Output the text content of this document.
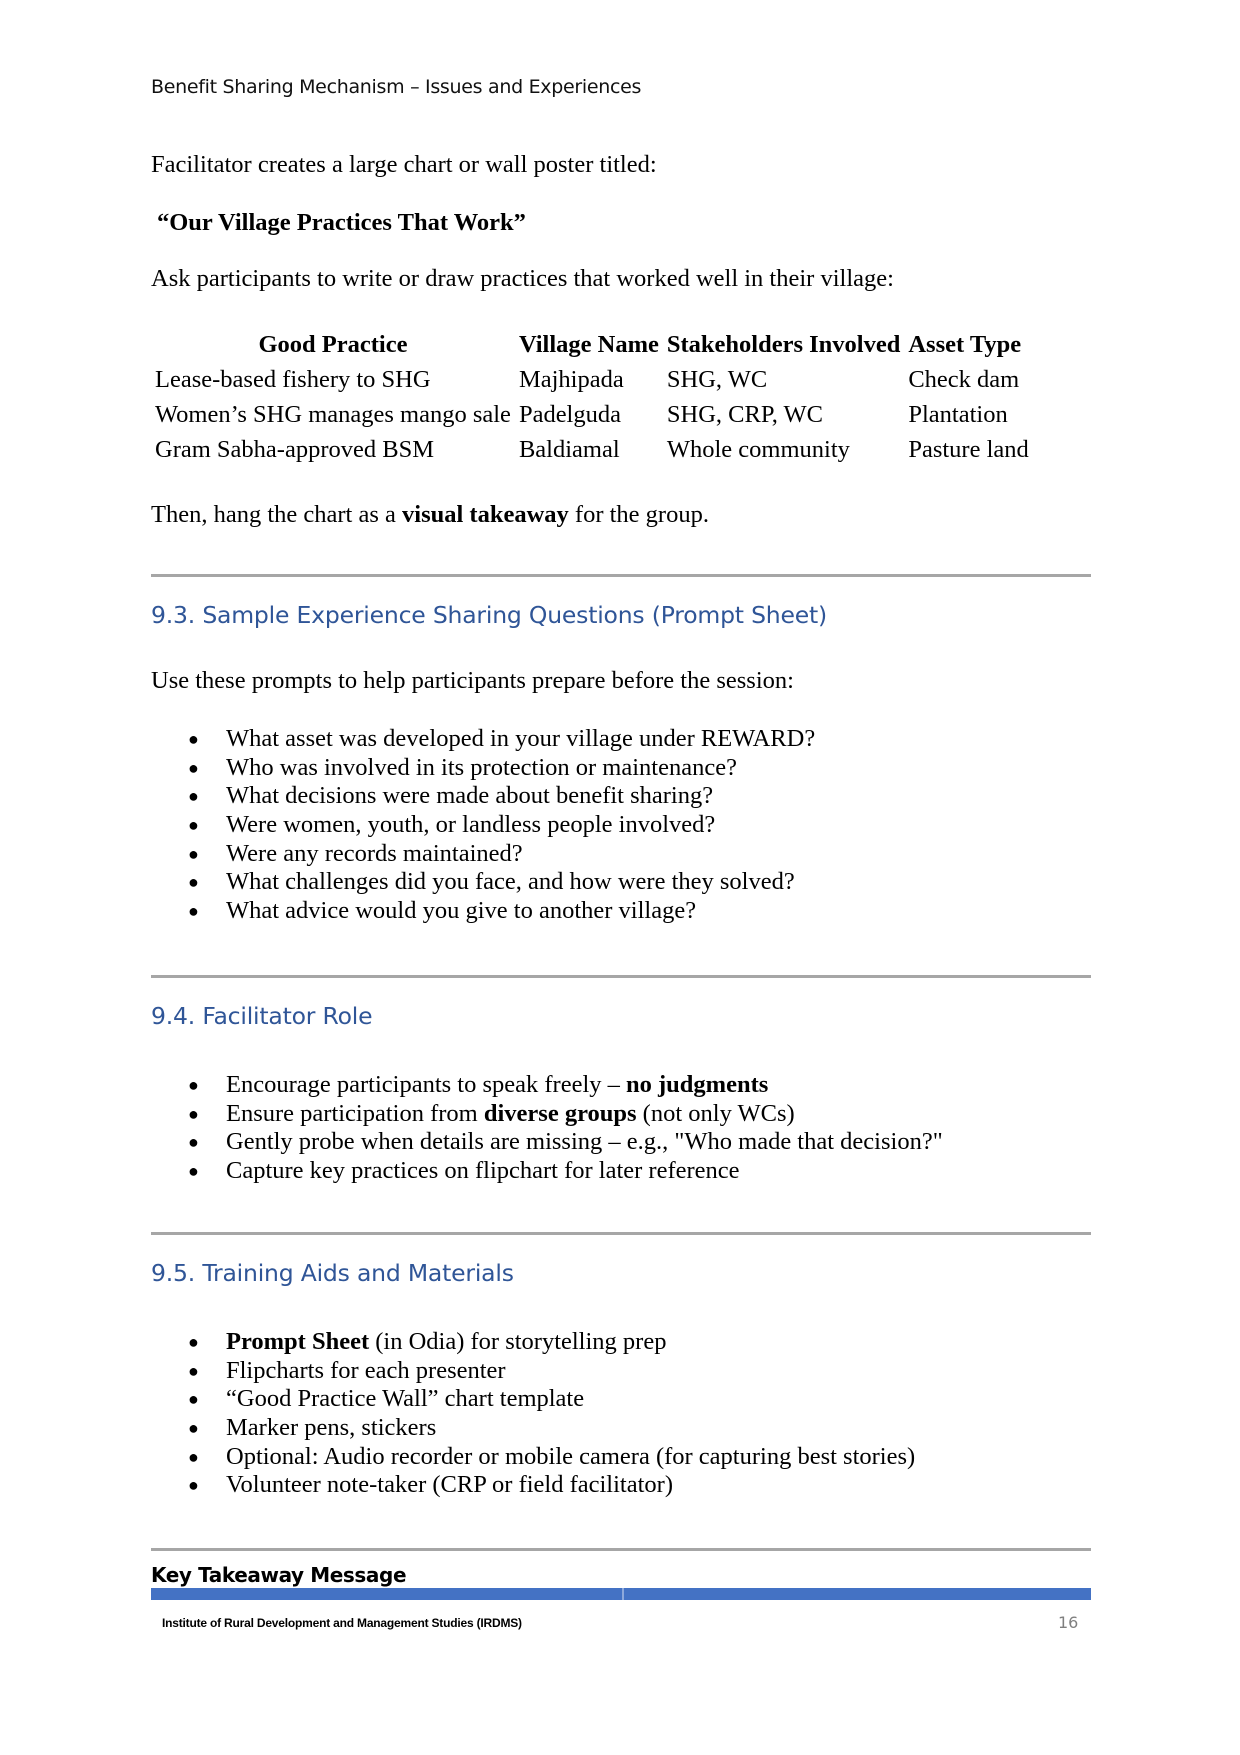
Benefit Sharing Mechanism – Issues and Experiences
Facilitator creates a large chart or wall poster titled:
“Our Village Practices That Work”
Ask participants to write or draw practices that worked well in their village:
Good Practice	Village Name	Stakeholders Involved	Asset Type
Lease-based fishery to SHG	Majhipada	SHG, WC	Check dam
Women’s SHG manages mango sale	Padelguda	SHG, CRP, WC	Plantation
Gram Sabha-approved BSM	Baldiamal	Whole community	Pasture land
Then, hang the chart as a visual takeaway for the group.
9.3. Sample Experience Sharing Questions (Prompt Sheet)
Use these prompts to help participants prepare before the session:
● What asset was developed in your village under REWARD?
● Who was involved in its protection or maintenance?
● What decisions were made about benefit sharing?
● Were women, youth, or landless people involved?
● Were any records maintained?
● What challenges did you face, and how were they solved?
● What advice would you give to another village?
9.4. Facilitator Role
● Encourage participants to speak freely – no judgments
● Ensure participation from diverse groups (not only WCs)
● Gently probe when details are missing – e.g., "Who made that decision?"
● Capture key practices on flipchart for later reference
9.5. Training Aids and Materials
● Prompt Sheet (in Odia) for storytelling prep
● Flipcharts for each presenter
● “Good Practice Wall” chart template
● Marker pens, stickers
● Optional: Audio recorder or mobile camera (for capturing best stories)
● Volunteer note-taker (CRP or field facilitator)
Key Takeaway Message
Institute of Rural Development and Management Studies (IRDMS)	16
